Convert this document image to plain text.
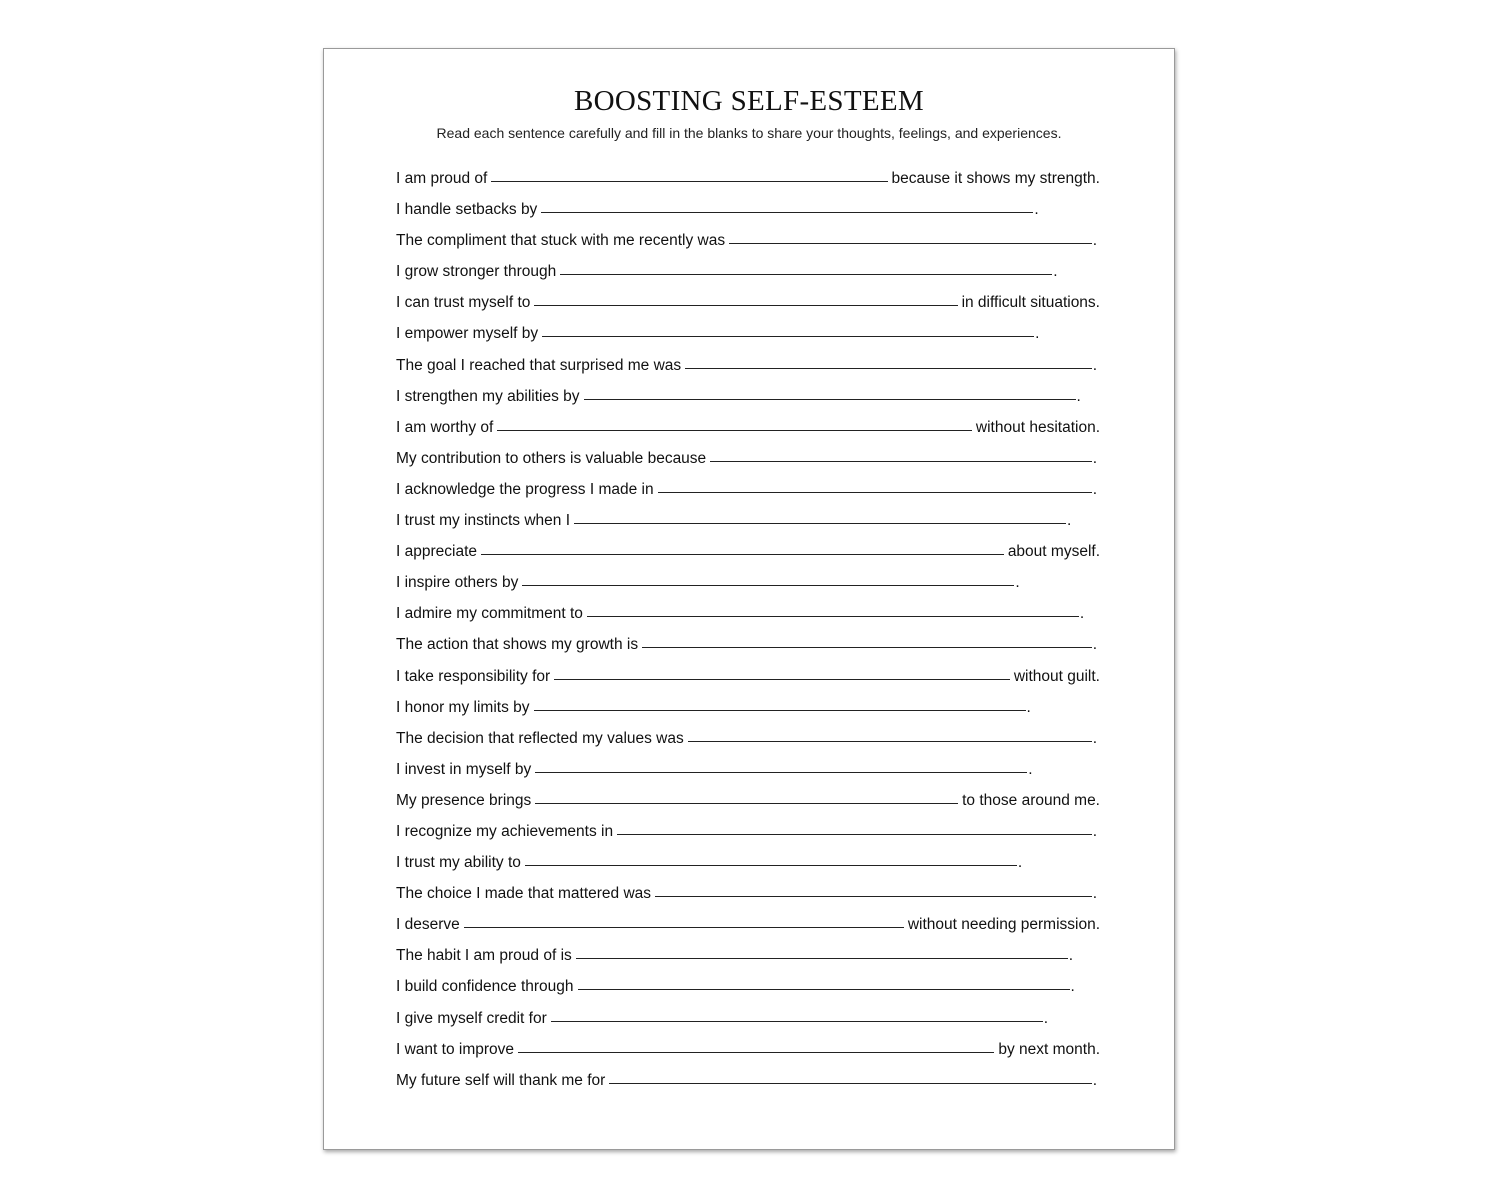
BOOSTING SELF-ESTEEM
Read each sentence carefully and fill in the blanks to share your thoughts, feelings, and experiences.
I am proud of	because it shows my strength.
I handle setbacks by	.
The compliment that stuck with me recently was	.
I grow stronger through	.
I can trust myself to	in difficult situations.
I empower myself by	.
The goal I reached that surprised me was	.
I strengthen my abilities by	.
I am worthy of	without hesitation.
My contribution to others is valuable because	.
I acknowledge the progress I made in	.
I trust my instincts when I	.
I appreciate	about myself.
I inspire others by	.
I admire my commitment to	.
The action that shows my growth is	.
I take responsibility for	without guilt.
I honor my limits by	.
The decision that reflected my values was	.
I invest in myself by	.
My presence brings	to those around me.
I recognize my achievements in	.
I trust my ability to	.
The choice I made that mattered was	.
I deserve	without needing permission.
The habit I am proud of is	.
I build confidence through	.
I give myself credit for	.
I want to improve	by next month.
My future self will thank me for	.
